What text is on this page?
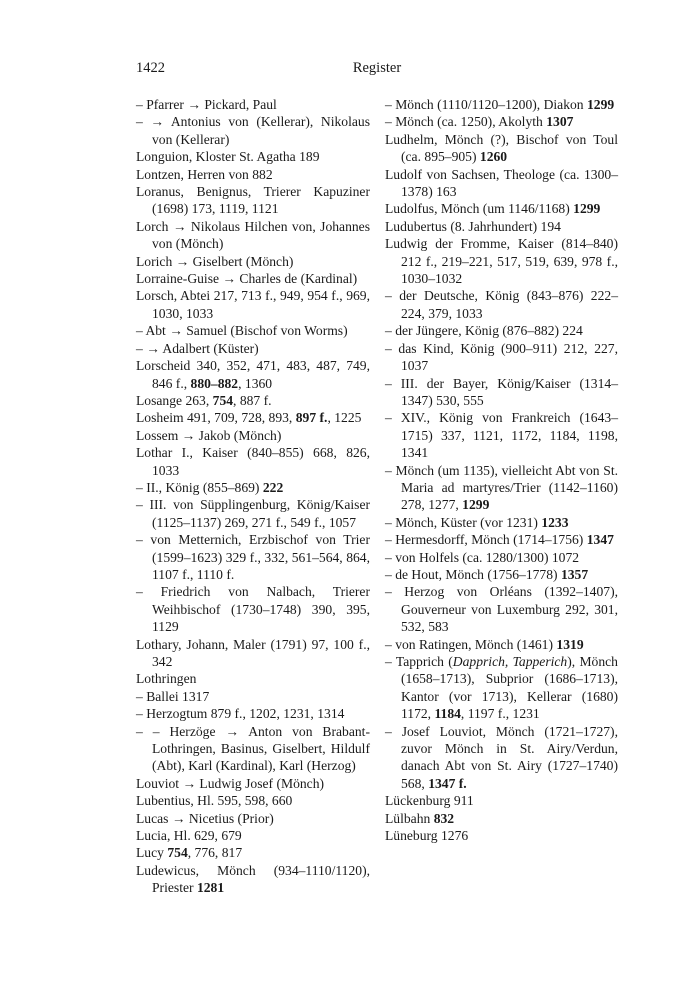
1422	Register
– Pfarrer → Pickard, Paul
– → Antonius von (Kellerar), Nikolaus von (Kellerar)
Longuion, Kloster St. Agatha 189
Lontzen, Herren von 882
Loranus, Benignus, Trierer Kapuziner (1698) 173, 1119, 1121
Lorch → Nikolaus Hilchen von, Johannes von (Mönch)
Lorich → Giselbert (Mönch)
Lorraine-Guise → Charles de (Kardinal)
Lorsch, Abtei 217, 713 f., 949, 954 f., 969, 1030, 1033
– Abt → Samuel (Bischof von Worms)
– → Adalbert (Küster)
Lorscheid 340, 352, 471, 483, 487, 749, 846 f., 880–882, 1360
Losange 263, 754, 887 f.
Losheim 491, 709, 728, 893, 897 f., 1225
Lossem → Jakob (Mönch)
Lothar I., Kaiser (840–855) 668, 826, 1033
– II., König (855–869) 222
– III. von Süpplingenburg, König/Kaiser (1125–1137) 269, 271 f., 549 f., 1057
– von Metternich, Erzbischof von Trier (1599–1623) 329 f., 332, 561–564, 864, 1107 f., 1110 f.
– Friedrich von Nalbach, Trierer Weihbischof (1730–1748) 390, 395, 1129
Lothary, Johann, Maler (1791) 97, 100 f., 342
Lothringen
– Ballei 1317
– Herzogtum 879 f., 1202, 1231, 1314
– – Herzöge → Anton von Brabant-Lothringen, Basinus, Giselbert, Hildulf (Abt), Karl (Kardinal), Karl (Herzog)
Louviot → Ludwig Josef (Mönch)
Lubentius, Hl. 595, 598, 660
Lucas → Nicetius (Prior)
Lucia, Hl. 629, 679
Lucy 754, 776, 817
Ludewicus, Mönch (934–1110/1120), Priester 1281
– Mönch (1110/1120–1200), Diakon 1299
– Mönch (ca. 1250), Akolyth 1307
Ludhelm, Mönch (?), Bischof von Toul (ca. 895–905) 1260
Ludolf von Sachsen, Theologe (ca. 1300–1378) 163
Ludolfus, Mönch (um 1146/1168) 1299
Ludubertus (8. Jahrhundert) 194
Ludwig der Fromme, Kaiser (814–840) 212 f., 219–221, 517, 519, 639, 978 f., 1030–1032
– der Deutsche, König (843–876) 222–224, 379, 1033
– der Jüngere, König (876–882) 224
– das Kind, König (900–911) 212, 227, 1037
– III. der Bayer, König/Kaiser (1314–1347) 530, 555
– XIV., König von Frankreich (1643–1715) 337, 1121, 1172, 1184, 1198, 1341
– Mönch (um 1135), vielleicht Abt von St. Maria ad martyres/Trier (1142–1160) 278, 1277, 1299
– Mönch, Küster (vor 1231) 1233
– Hermesdorff, Mönch (1714–1756) 1347
– von Holfels (ca. 1280/1300) 1072
– de Hout, Mönch (1756–1778) 1357
– Herzog von Orléans (1392–1407), Gouverneur von Luxemburg 292, 301, 532, 583
– von Ratingen, Mönch (1461) 1319
– Tapprich (Dapprich, Tapperich), Mönch (1658–1713), Subprior (1686–1713), Kantor (vor 1713), Kellerar (1680) 1172, 1184, 1197 f., 1231
– Josef Louviot, Mönch (1721–1727), zuvor Mönch in St. Airy/Verdun, danach Abt von St. Airy (1727–1740) 568, 1347 f.
Lückenburg 911
Lülbahn 832
Lüneburg 1276
